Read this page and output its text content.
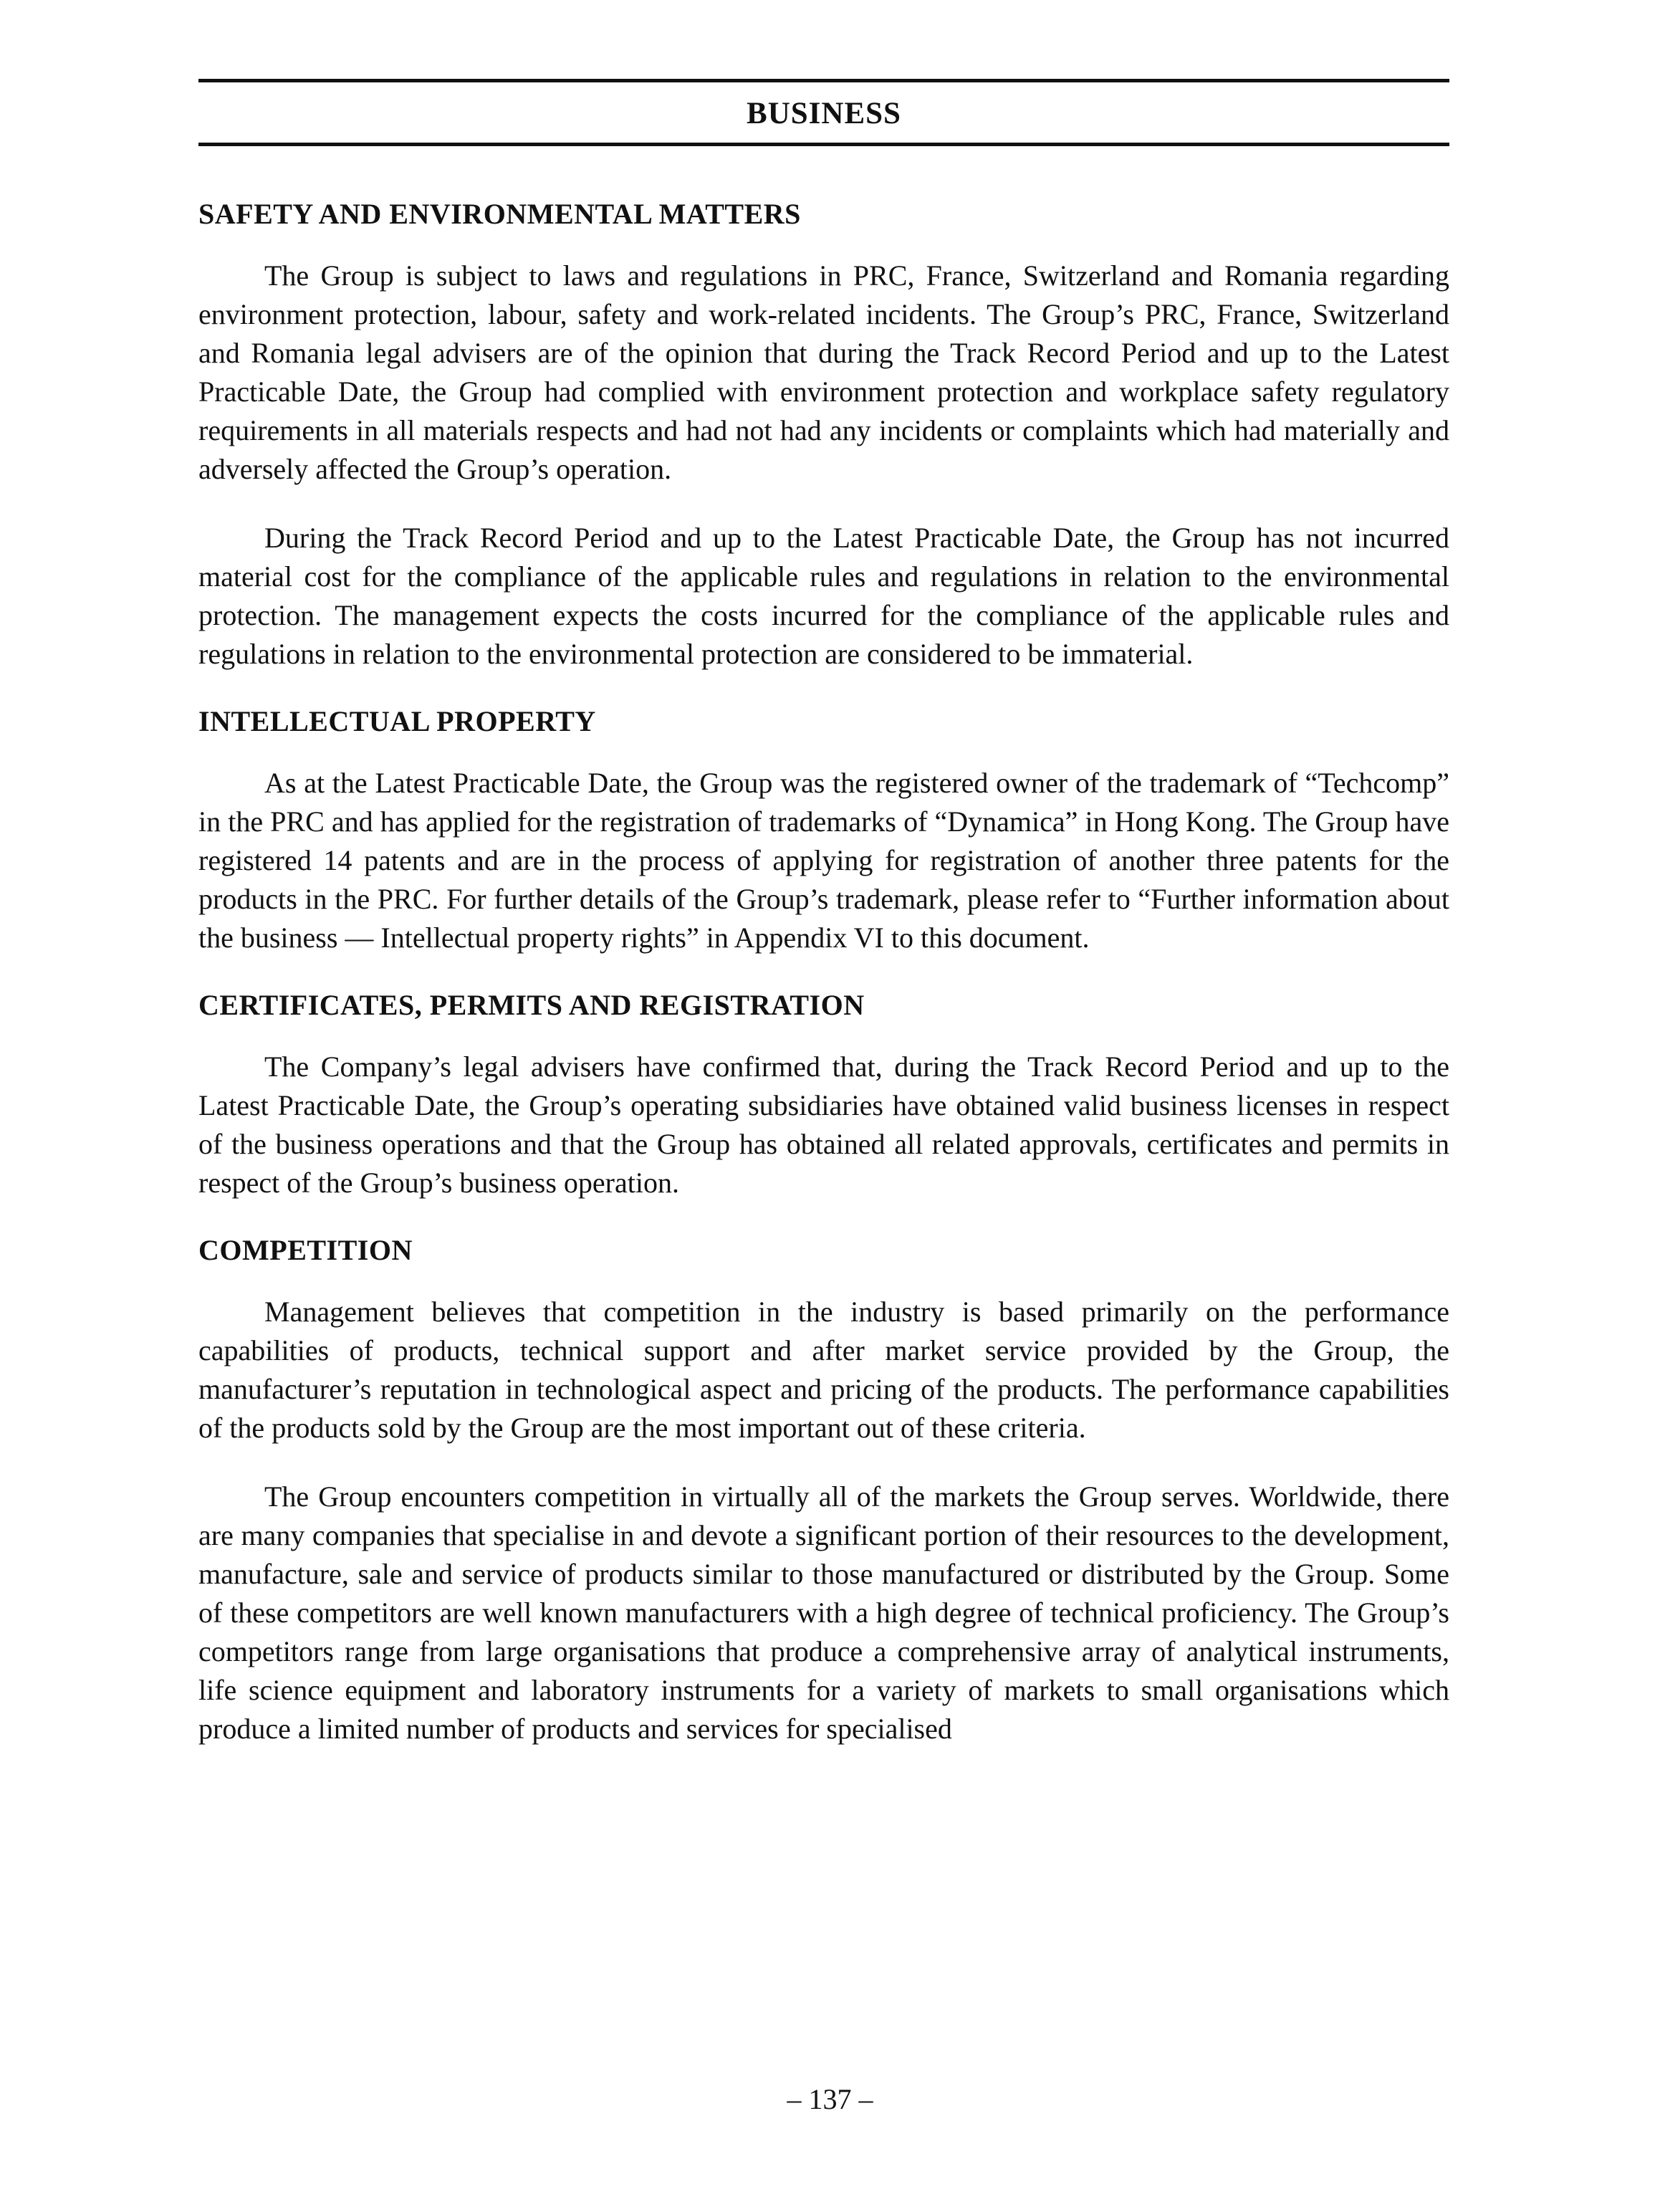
BUSINESS
SAFETY AND ENVIRONMENTAL MATTERS

The Group is subject to laws and regulations in PRC, France, Switzerland and Romania regarding environment protection, labour, safety and work-related incidents. The Group’s PRC, France, Switzerland and Romania legal advisers are of the opinion that during the Track Record Period and up to the Latest Practicable Date, the Group had complied with environment protection and workplace safety regulatory requirements in all materials respects and had not had any incidents or complaints which had materially and adversely affected the Group’s operation.

During the Track Record Period and up to the Latest Practicable Date, the Group has not incurred material cost for the compliance of the applicable rules and regulations in relation to the environmental protection. The management expects the costs incurred for the compliance of the applicable rules and regulations in relation to the environmental protection are considered to be immaterial.

INTELLECTUAL PROPERTY

As at the Latest Practicable Date, the Group was the registered owner of the trademark of “Techcomp” in the PRC and has applied for the registration of trademarks of “Dynamica” in Hong Kong. The Group have registered 14 patents and are in the process of applying for registration of another three patents for the products in the PRC. For further details of the Group’s trademark, please refer to “Further information about the business — Intellectual property rights” in Appendix VI to this document.

CERTIFICATES, PERMITS AND REGISTRATION

The Company’s legal advisers have confirmed that, during the Track Record Period and up to the Latest Practicable Date, the Group’s operating subsidiaries have obtained valid business licenses in respect of the business operations and that the Group has obtained all related approvals, certificates and permits in respect of the Group’s business operation.

COMPETITION

Management believes that competition in the industry is based primarily on the performance capabilities of products, technical support and after market service provided by the Group, the manufacturer’s reputation in technological aspect and pricing of the products. The performance capabilities of the products sold by the Group are the most important out of these criteria.

The Group encounters competition in virtually all of the markets the Group serves. Worldwide, there are many companies that specialise in and devote a significant portion of their resources to the development, manufacture, sale and service of products similar to those manufactured or distributed by the Group. Some of these competitors are well known manufacturers with a high degree of technical proficiency. The Group’s competitors range from large organisations that produce a comprehensive array of analytical instruments, life science equipment and laboratory instruments for a variety of markets to small organisations which produce a limited number of products and services for specialised

– 137 –
